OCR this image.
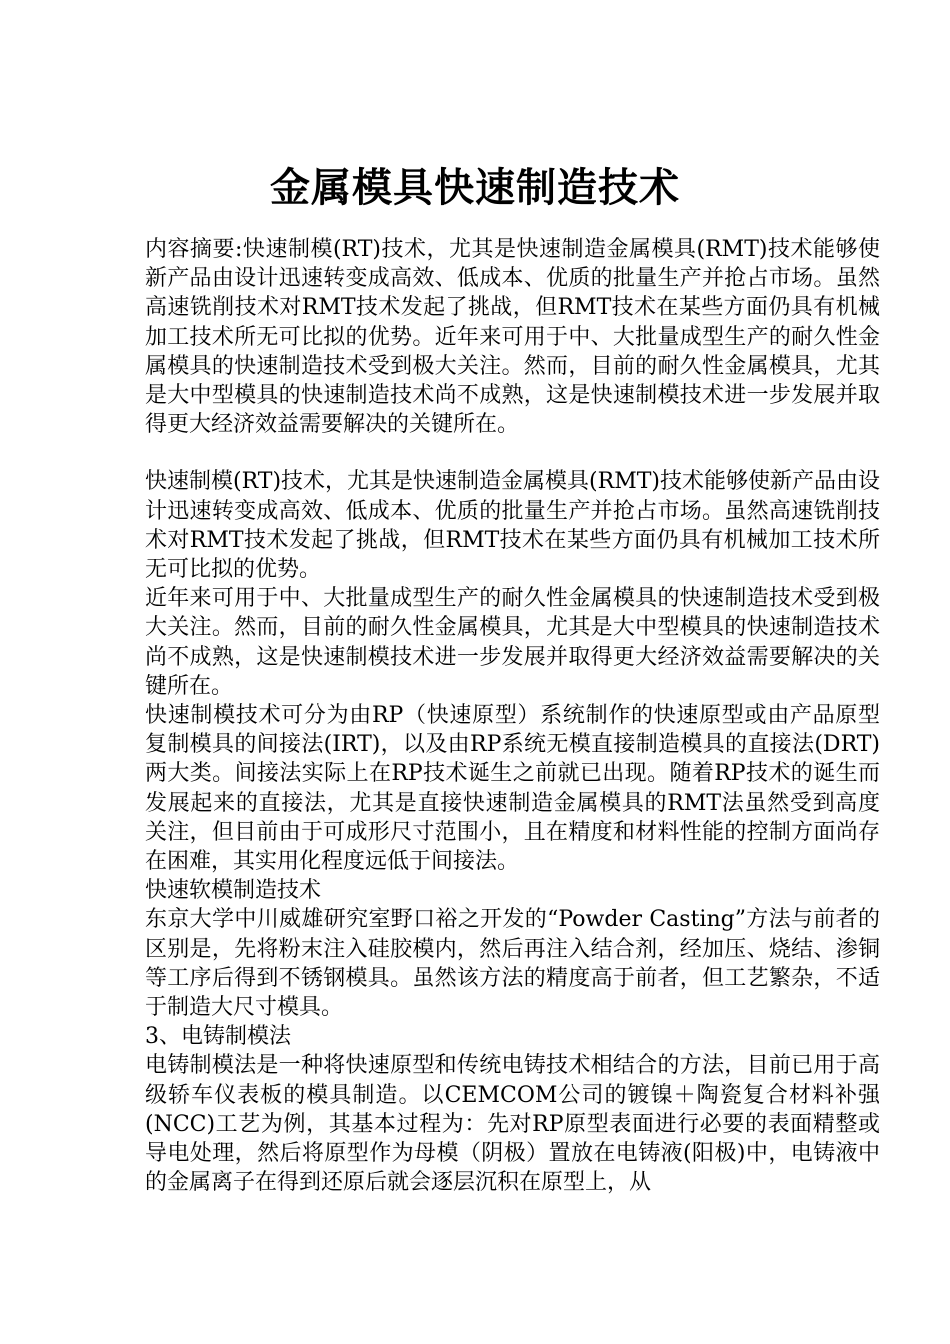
金属模具快速制造技术

内容摘要:快速制模(RT)技术，尤其是快速制造金属模具(RMT)技术能够使新产品由设计迅速转变成高效、低成本、优质的批量生产并抢占市场。虽然高速铣削技术对RMT技术发起了挑战，但RMT技术在某些方面仍具有机械加工技术所无可比拟的优势。近年来可用于中、大批量成型生产的耐久性金属模具的快速制造技术受到极大关注。然而，目前的耐久性金属模具，尤其是大中型模具的快速制造技术尚不成熟，这是快速制模技术进一步发展并取得更大经济效益需要解决的关键所在。

快速制模(RT)技术，尤其是快速制造金属模具(RMT)技术能够使新产品由设计迅速转变成高效、低成本、优质的批量生产并抢占市场。虽然高速铣削技术对RMT技术发起了挑战，但RMT技术在某些方面仍具有机械加工技术所无可比拟的优势。

近年来可用于中、大批量成型生产的耐久性金属模具的快速制造技术受到极大关注。然而，目前的耐久性金属模具，尤其是大中型模具的快速制造技术尚不成熟，这是快速制模技术进一步发展并取得更大经济效益需要解决的关键所在。

快速制模技术可分为由RP（快速原型）系统制作的快速原型或由产品原型复制模具的间接法(IRT)，以及由RP系统无模直接制造模具的直接法(DRT)两大类。间接法实际上在RP技术诞生之前就已出现。随着RP技术的诞生而发展起来的直接法，尤其是直接快速制造金属模具的RMT法虽然受到高度关注，但目前由于可成形尺寸范围小，且在精度和材料性能的控制方面尚存在困难，其实用化程度远低于间接法。

快速软模制造技术

东京大学中川威雄研究室野口裕之开发的“Powder Casting”方法与前者的区别是，先将粉末注入硅胶模内，然后再注入结合剂，经加压、烧结、渗铜等工序后得到不锈钢模具。虽然该方法的精度高于前者，但工艺繁杂，不适于制造大尺寸模具。

3、电铸制模法

电铸制模法是一种将快速原型和传统电铸技术相结合的方法，目前已用于高级轿车仪表板的模具制造。以CEMCOM公司的镀镍＋陶瓷复合材料补强(NCC)工艺为例，其基本过程为：先对RP原型表面进行必要的表面精整或导电处理，然后将原型作为母模（阴极）置放在电铸液(阳极)中，电铸液中的金属离子在得到还原后就会逐层沉积在原型上，从
